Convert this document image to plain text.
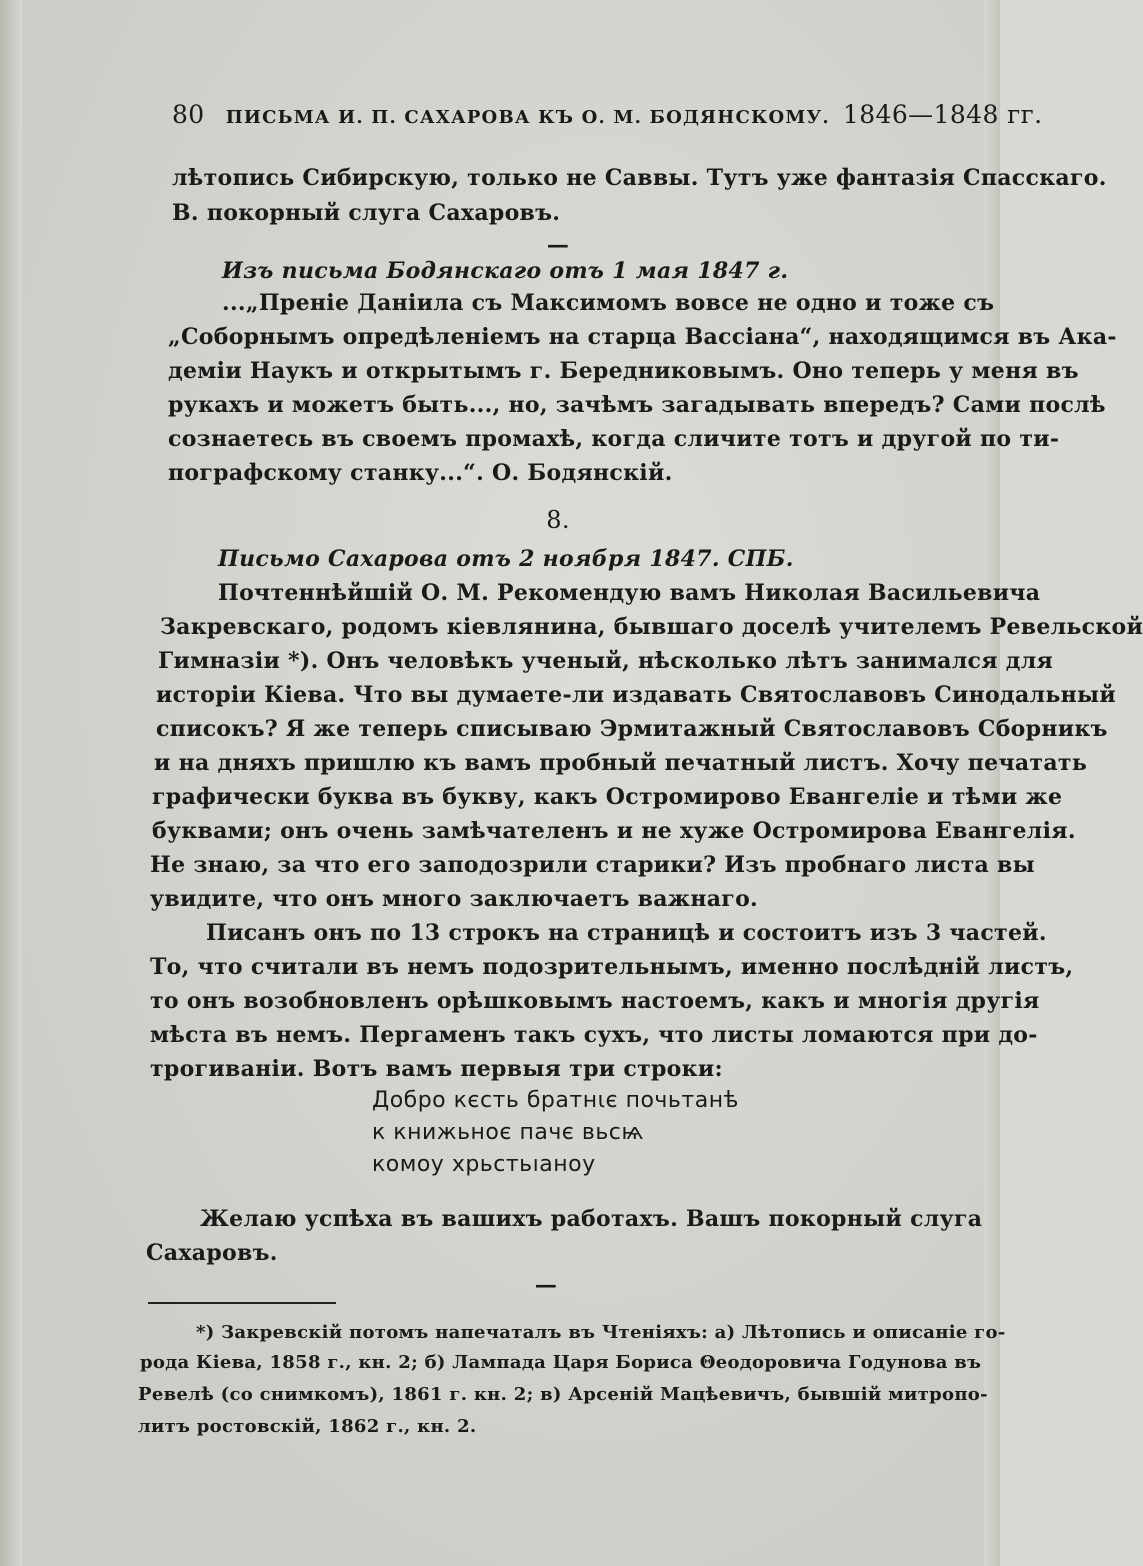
80 ПИСЬМА И. П. САХАРОВА КЪ О. М. БОДЯНСКОМУ. 1846—1848 гг.
лѣтопись Сибирскую, только не Саввы. Тутъ уже фантазія Спасскаго.
В. покорный слуга Сахаровъ.
—
Изъ письма Бодянскаго отъ 1 мая 1847 г.
...„Преніе Даніила съ Максимомъ вовсе не одно и тоже съ
„Соборнымъ опредѣленіемъ на старца Вассіана“, находящимся въ Ака-
деміи Наукъ и открытымъ г. Бередниковымъ. Оно теперь у меня въ
рукахъ и можетъ быть..., но, зачѣмъ загадывать впередъ? Сами послѣ
сознаетесь въ своемъ промахѣ, когда сличите тотъ и другой по ти-
пографскому станку...“. О. Бодянскій.
8.
Письмо Сахарова отъ 2 ноября 1847. СПБ.
Почтеннѣйшій О. М. Рекомендую вамъ Николая Васильевича
Закревскаго, родомъ кіевлянина, бывшаго доселѣ учителемъ Ревельской
Гимназіи *). Онъ человѣкъ ученый, нѣсколько лѣтъ занимался для
исторіи Кіева. Что вы думаете-ли издавать Святославовъ Синодальный
списокъ? Я же теперь списываю Эрмитажный Святославовъ Сборникъ
и на дняхъ пришлю къ вамъ пробный печатный листъ. Хочу печатать
графически буква въ букву, какъ Остромирово Евангеліе и тѣми же
буквами; онъ очень замѣчателенъ и не хуже Остромирова Евангелія.
Не знаю, за что его заподозрили старики? Изъ пробнаго листа вы
увидите, что онъ много заключаетъ важнаго.
Писанъ онъ по 13 строкъ на страницѣ и состоитъ изъ 3 частей.
То, что считали въ немъ подозрительнымъ, именно послѣдній листъ,
то онъ возобновленъ орѣшковымъ настоемъ, какъ и многія другія
мѣста въ немъ. Пергаменъ такъ сухъ, что листы ломаются при до-
трогиваніи. Вотъ вамъ первыя три строки:
Добро кєсть братнιє почьтанѣ
к книжьноє пачє вьсѩ
комоу хрьстьıаноу
Желаю успѣха въ вашихъ работахъ. Вашъ покорный слуга
Сахаровъ.
—
*) Закревскій потомъ напечаталъ въ Чтеніяхъ: а) Лѣтопись и описаніе го-
рода Кіева, 1858 г., кн. 2; б) Лампада Царя Бориса Θеодоровича Годунова въ
Ревелѣ (со снимкомъ), 1861 г. кн. 2; в) Арсеній Мацѣевичъ, бывшій митропо-
литъ ростовскій, 1862 г., кн. 2.
